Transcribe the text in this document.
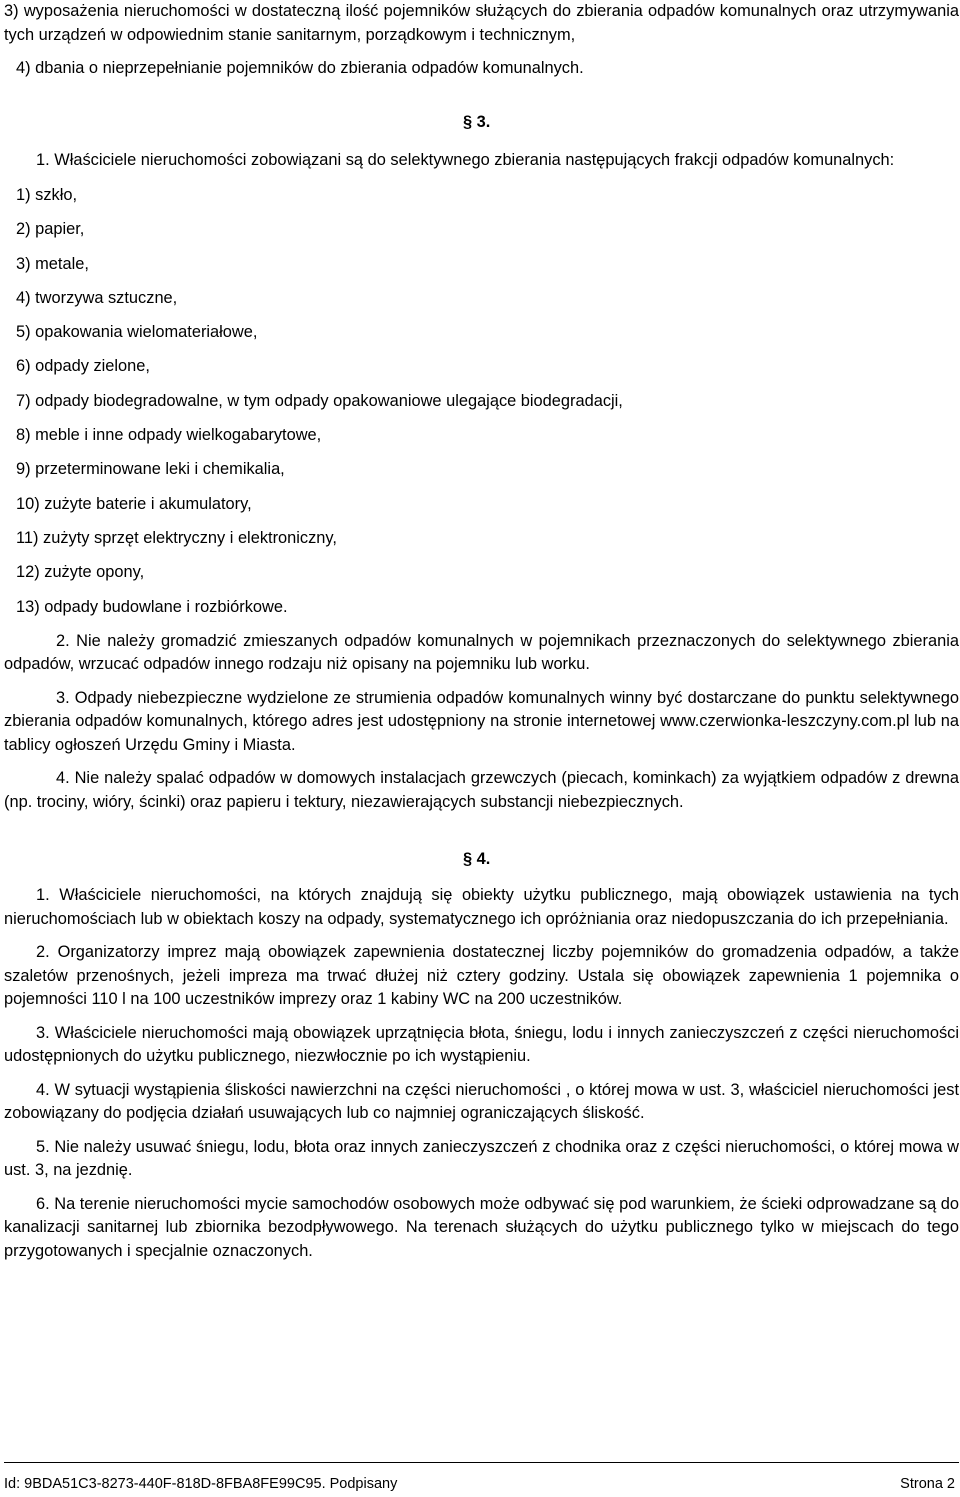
3) wyposażenia nieruchomości w dostateczną ilość pojemników służących do zbierania odpadów komunalnych oraz utrzymywania tych urządzeń w odpowiednim stanie sanitarnym, porządkowym i technicznym,

4) dbania o nieprzepełnianie pojemników do zbierania odpadów komunalnych.

§ 3.

1. Właściciele nieruchomości zobowiązani są do selektywnego zbierania następujących frakcji odpadów komunalnych:

1) szkło,

2) papier,

3) metale,

4) tworzywa sztuczne,

5) opakowania wielomateriałowe,

6) odpady zielone,

7) odpady biodegradowalne, w tym odpady opakowaniowe ulegające biodegradacji,

8) meble i inne odpady wielkogabarytowe,

9) przeterminowane leki i chemikalia,

10) zużyte baterie i akumulatory,

11) zużyty sprzęt elektryczny i elektroniczny,

12) zużyte opony,

13) odpady budowlane i rozbiórkowe.

2. Nie należy gromadzić zmieszanych odpadów komunalnych w pojemnikach przeznaczonych do selektywnego zbierania odpadów, wrzucać odpadów innego rodzaju niż opisany na pojemniku lub worku.

3. Odpady niebezpieczne wydzielone ze strumienia odpadów komunalnych winny być dostarczane do punktu selektywnego zbierania odpadów komunalnych, którego adres jest udostępniony na stronie internetowej www.czerwionka-leszczyny.com.pl lub na tablicy ogłoszeń Urzędu Gminy i Miasta.

4. Nie należy spalać odpadów w domowych instalacjach grzewczych (piecach, kominkach) za wyjątkiem odpadów z drewna (np. trociny, wióry, ścinki) oraz papieru i tektury, niezawierających substancji niebezpiecznych.

§ 4.

1. Właściciele nieruchomości, na których znajdują się obiekty użytku publicznego, mają obowiązek ustawienia na tych nieruchomościach lub w obiektach koszy na odpady, systematycznego ich opróżniania oraz niedopuszczania do ich przepełniania.

2. Organizatorzy imprez mają obowiązek zapewnienia dostatecznej liczby pojemników do gromadzenia odpadów, a także szaletów przenośnych, jeżeli impreza ma trwać dłużej niż cztery godziny. Ustala się obowiązek zapewnienia 1 pojemnika o pojemności 110 l na 100 uczestników imprezy oraz 1 kabiny WC na 200 uczestników.

3. Właściciele nieruchomości mają obowiązek uprzątnięcia błota, śniegu, lodu i innych zanieczyszczeń z części nieruchomości udostępnionych do użytku publicznego, niezwłocznie po ich wystąpieniu.

4. W sytuacji wystąpienia śliskości nawierzchni na części nieruchomości , o której mowa w ust. 3, właściciel nieruchomości jest zobowiązany do podjęcia działań usuwających lub co najmniej ograniczających śliskość.

5. Nie należy usuwać śniegu, lodu, błota oraz innych zanieczyszczeń z chodnika oraz z części nieruchomości, o której mowa w ust. 3, na jezdnię.

6. Na terenie nieruchomości mycie samochodów osobowych może odbywać się pod warunkiem, że ścieki odprowadzane są do kanalizacji sanitarnej lub zbiornika bezodpływowego. Na terenach służących do użytku publicznego tylko w miejscach do tego przygotowanych i specjalnie oznaczonych.

Id: 9BDA51C3-8273-440F-818D-8FBA8FE99C95. Podpisany	Strona 2
